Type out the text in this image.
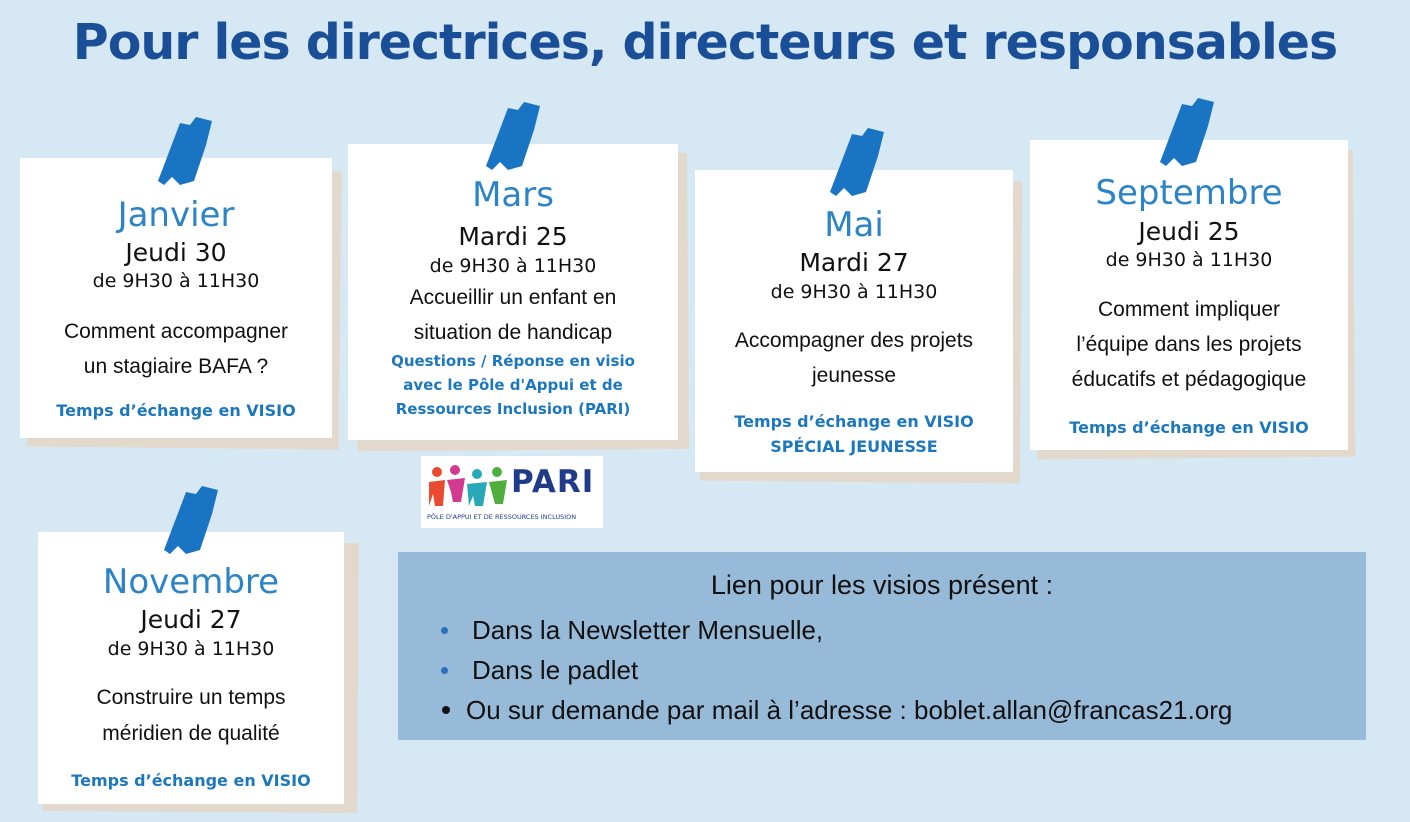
Pour les directrices, directeurs et responsables
Janvier
Jeudi 30
de 9H30 à 11H30
Comment accompagner
un stagiaire BAFA ?
Temps d’échange en VISIO
Mars
Mardi 25
de 9H30 à 11H30
Accueillir un enfant en
situation de handicap
Questions / Réponse en visio
avec le Pôle d'Appui et de
Ressources Inclusion (PARI)
Mai
Mardi 27
de 9H30 à 11H30
Accompagner des projets
jeunesse
Temps d’échange en VISIO
SPÉCIAL JEUNESSE
Septembre
Jeudi 25
de 9H30 à 11H30
Comment impliquer
l’équipe dans les projets
éducatifs et pédagogique
Temps d’échange en VISIO
Novembre
Jeudi 27
de 9H30 à 11H30
Construire un temps
méridien de qualité
Temps d’échange en VISIO
PARI
PÔLE D'APPUI ET DE RESSOURCES INCLUSION
Lien pour les visios présent :
Dans la Newsletter Mensuelle,
Dans le padlet
Ou sur demande par mail à l’adresse : boblet.allan@francas21.org
